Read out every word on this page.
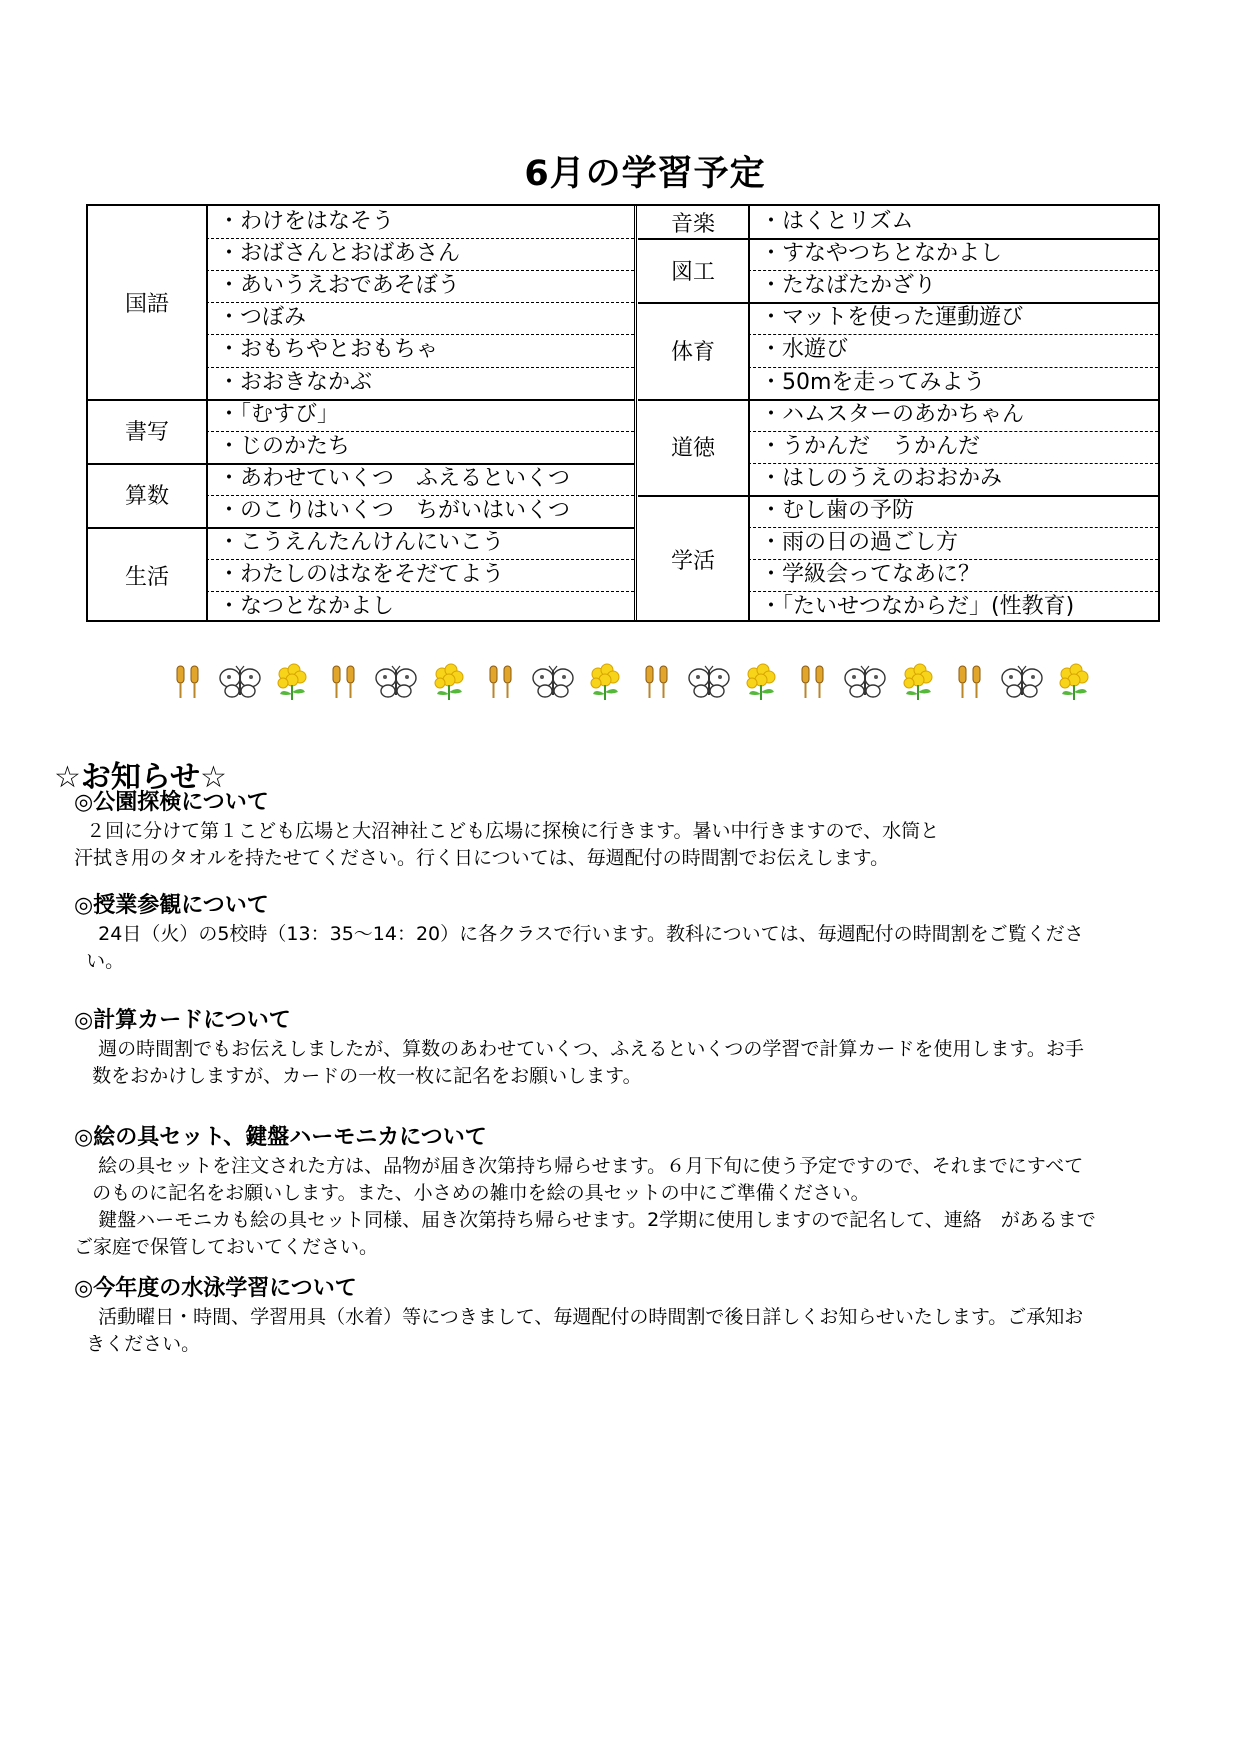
6月の学習予定
国語
・わけをはなそう
・おばさんとおばあさん
・あいうえおであそぼう
・つぼみ
・おもちやとおもちゃ
・おおきなかぶ
書写
・「むすび」
・じのかたち
算数
・あわせていくつ　ふえるといくつ
・のこりはいくつ　ちがいはいくつ
生活
・こうえんたんけんにいこう
・わたしのはなをそだてよう
・なつとなかよし
音楽	・はくとリズム
図工
・すなやつちとなかよし
・たなばたかざり
体育
・マットを使った運動遊び
・水遊び
・50mを走ってみよう
道徳
・ハムスターのあかちゃん
・うかんだ　うかんだ
・はしのうえのおおかみ
学活
・むし歯の予防
・雨の日の過ごし方
・学級会ってなあに？
・「たいせつなからだ」(性教育)
☆お知らせ☆
◎公園探検について

２回に分けて第１こども広場と大沼神社こども広場に探検に行きます。暑い中行きますので、水筒と
汗拭き用のタオルを持たせてください。行く日については、毎週配付の時間割でお伝えします。

◎授業参観について

24日（火）の5校時（13：35～14：20）に各クラスで行います。教科については、毎週配付の時間割をご覧くださ
い。

◎計算カードについて

週の時間割でもお伝えしましたが、算数のあわせていくつ、ふえるといくつの学習で計算カードを使用します。お手
数をおかけしますが、カードの一枚一枚に記名をお願いします。

◎絵の具セット、鍵盤ハーモニカについて

絵の具セットを注文された方は、品物が届き次第持ち帰らせます。６月下旬に使う予定ですので、それまでにすべて
のものに記名をお願いします。また、小さめの雑巾を絵の具セットの中にご準備ください。
鍵盤ハーモニカも絵の具セット同様、届き次第持ち帰らせます。2学期に使用しますので記名して、連絡　があるまで
ご家庭で保管しておいてください。

◎今年度の水泳学習について

活動曜日・時間、学習用具（水着）等につきまして、毎週配付の時間割で後日詳しくお知らせいたします。ご承知お
きください。
